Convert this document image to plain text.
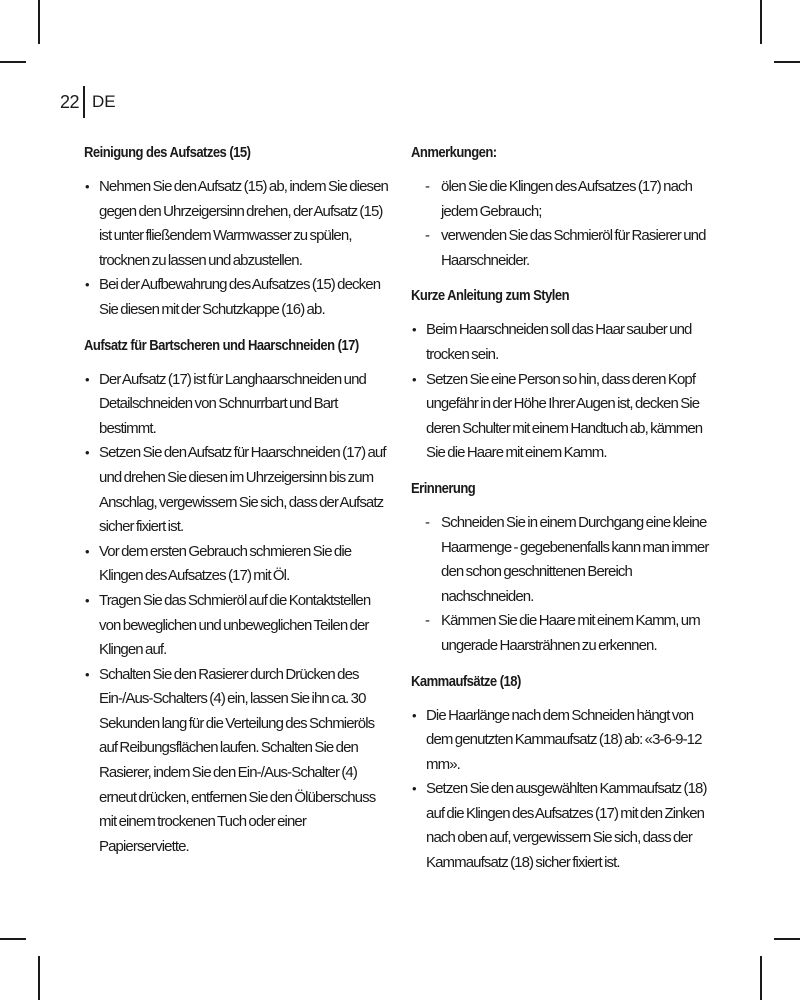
22 DE
Reinigung des Aufsatzes (15)
• Nehmen Sie den Aufsatz (15) ab, indem Sie diesen gegen den Uhrzeigersinn drehen, der Aufsatz (15) ist unter fließendem Warmwasser zu spülen, trocknen zu lassen und abzustellen.
• Bei der Aufbewahrung des Aufsatzes (15) decken Sie diesen mit der Schutzkappe (16) ab.
Aufsatz für Bartscheren und Haarschneiden (17)
• Der Aufsatz (17) ist für Langhaarschneiden und Detailschneiden von Schnurrbart und Bart bestimmt.
• Setzen Sie den Aufsatz für Haarschneiden (17) auf und drehen Sie diesen im Uhrzeigersinn bis zum Anschlag, vergewissern Sie sich, dass der Aufsatz sicher fixiert ist.
• Vor dem ersten Gebrauch schmieren Sie die Klingen des Aufsatzes (17) mit Öl.
• Tragen Sie das Schmieröl auf die Kontaktstellen von beweglichen und unbeweglichen Teilen der Klingen auf.
• Schalten Sie den Rasierer durch Drücken des Ein-/Aus-Schalters (4) ein, lassen Sie ihn ca. 30 Sekunden lang für die Verteilung des Schmieröls auf Reibungsflächen laufen. Schalten Sie den Rasierer, indem Sie den Ein-/Aus-Schalter (4) erneut drücken, entfernen Sie den Ölüberschuss mit einem trockenen Tuch oder einer Papierserviette.
Anmerkungen:
- ölen Sie die Klingen des Aufsatzes (17) nach jedem Gebrauch;
- verwenden Sie das Schmieröl für Rasierer und Haarschneider.
Kurze Anleitung zum Stylen
• Beim Haarschneiden soll das Haar sauber und trocken sein.
• Setzen Sie eine Person so hin, dass deren Kopf ungefähr in der Höhe Ihrer Augen ist, decken Sie deren Schulter mit einem Handtuch ab, kämmen Sie die Haare mit einem Kamm.
Erinnerung
- Schneiden Sie in einem Durchgang eine kleine Haarmenge - gegebenenfalls kann man immer den schon geschnittenen Bereich nachschneiden.
- Kämmen Sie die Haare mit einem Kamm, um ungerade Haarsträhnen zu erkennen.
Kammaufsätze (18)
• Die Haarlänge nach dem Schneiden hängt von dem genutzten Kammaufsatz (18) ab: «3-6-9-12 mm».
• Setzen Sie den ausgewählten Kammaufsatz (18) auf die Klingen des Aufsatzes (17) mit den Zinken nach oben auf, vergewissern Sie sich, dass der Kammaufsatz (18) sicher fixiert ist.
